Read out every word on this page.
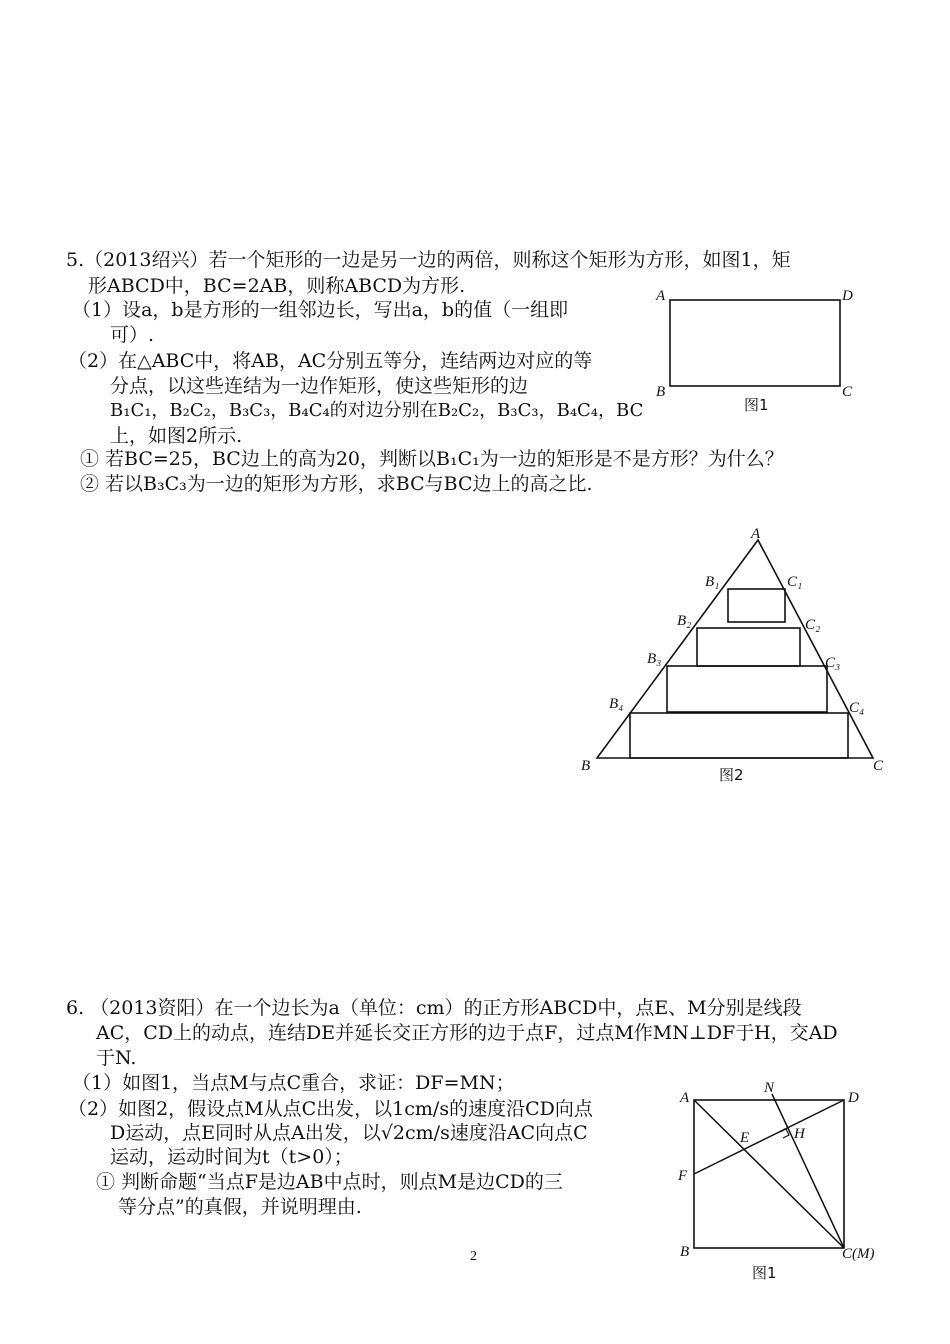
5.（2013绍兴）若一个矩形的一边是另一边的两倍，则称这个矩形为方形，如图1，矩
形ABCD中，BC=2AB，则称ABCD为方形.
（1）设a，b是方形的一组邻边长，写出a，b的值（一组即
可）.
（2）在△ABC中，将AB，AC分别五等分，连结两边对应的等
分点，以这些连结为一边作矩形，使这些矩形的边
B₁C₁，B₂C₂，B₃C₃，B₄C₄的对边分别在B₂C₂，B₃C₃，B₄C₄，BC
上，如图2所示.
① 若BC=25，BC边上的高为20，判断以B₁C₁为一边的矩形是不是方形？为什么？
② 若以B₃C₃为一边的矩形为方形，求BC与BC边上的高之比.
A	D
B	C
图1
A
B₁	C₁
B₂	C₂
B₃	C₃
B₄	C₄
B	C
图2
6. （2013资阳）在一个边长为a（单位：cm）的正方形ABCD中，点E、M分别是线段
AC，CD上的动点，连结DE并延长交正方形的边于点F，过点M作MN⊥DF于H，交AD
于N.
（1）如图1，当点M与点C重合，求证：DF=MN；
（2）如图2，假设点M从点C出发，以1cm/s的速度沿CD向点
D运动，点E同时从点A出发，以√2cm/s速度沿AC向点C
运动，运动时间为t（t>0）；
① 判断命题“当点F是边AB中点时，则点M是边CD的三
等分点”的真假，并说明理由.
N
A	D
E	H
F
B	C(M)
图1
2
